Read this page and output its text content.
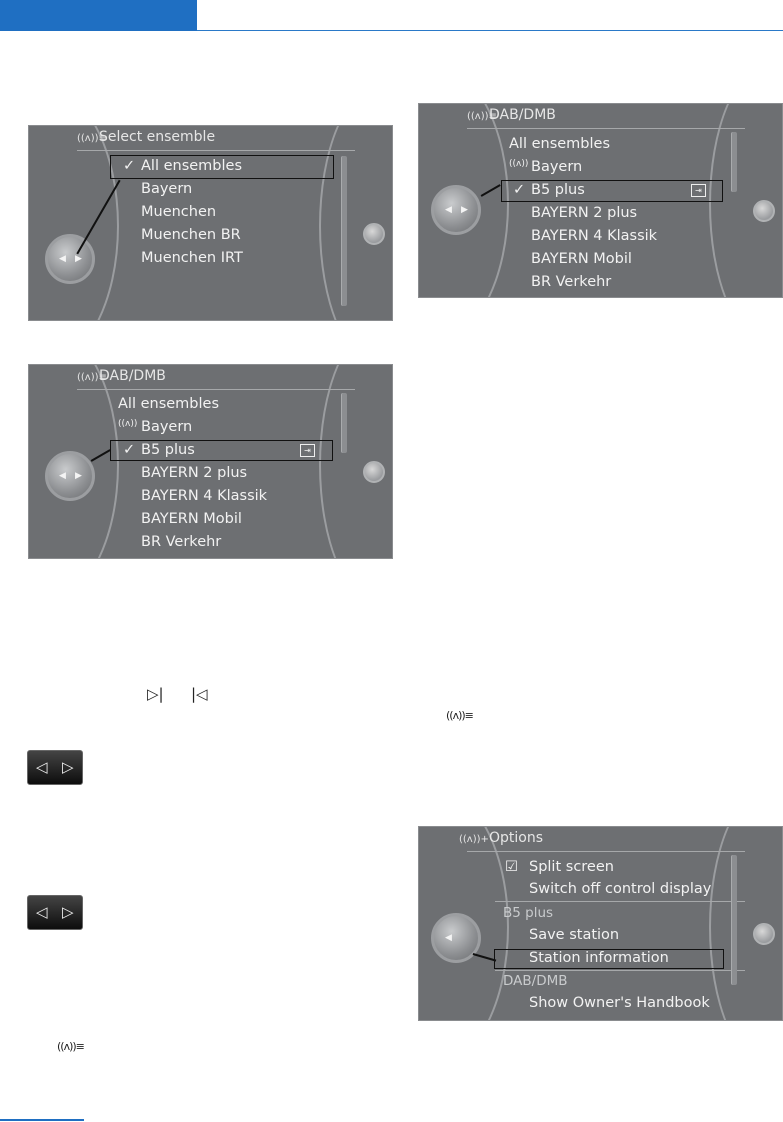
((ᴧ))≡Select ensemble
✓ All ensembles
Bayern
Muenchen
Muenchen BR
Muenchen IRT
◀ ▶
((ᴧ))≡DAB/DMB
All ensembles
((ᴧ)) Bayern
✓ B5 plus	⇥
BAYERN 2 plus
BAYERN 4 Klassik
BAYERN Mobil
BR Verkehr
◀ ▶
((ᴧ))≡DAB/DMB
All ensembles
((ᴧ)) Bayern
✓ B5 plus	⇥
BAYERN 2 plus
BAYERN 4 Klassik
BAYERN Mobil
BR Verkehr
◀ ▶
((ᴧ))+Options
☑ Split screen
Switch off control display
B5 plus
Save station
Station information
DAB/DMB
Show Owner's Handbook
◀
▷| |◁
◁ ▷
◁ ▷
((ᴧ))≡
((ᴧ))≡
